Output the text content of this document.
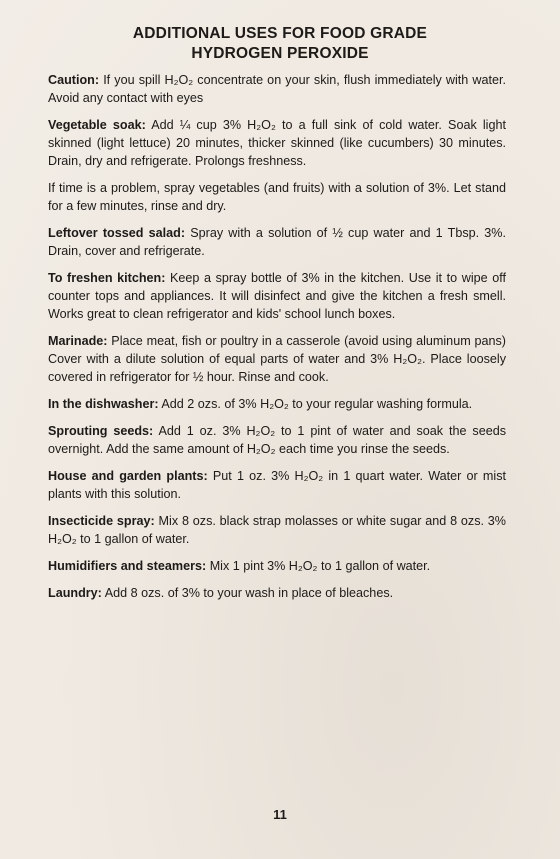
ADDITIONAL USES FOR FOOD GRADE
HYDROGEN PEROXIDE

Caution: If you spill H₂O₂ concentrate on your skin, flush immediately with water. Avoid any contact with eyes

Vegetable soak: Add ¼ cup 3% H₂O₂ to a full sink of cold water. Soak light skinned (light lettuce) 20 minutes, thicker skinned (like cucumbers) 30 minutes. Drain, dry and refrigerate. Prolongs freshness.

If time is a problem, spray vegetables (and fruits) with a solution of 3%. Let stand for a few minutes, rinse and dry.

Leftover tossed salad: Spray with a solution of ½ cup water and 1 Tbsp. 3%. Drain, cover and refrigerate.

To freshen kitchen: Keep a spray bottle of 3% in the kitchen. Use it to wipe off counter tops and appliances. It will disinfect and give the kitchen a fresh smell. Works great to clean refrigerator and kids' school lunch boxes.

Marinade: Place meat, fish or poultry in a casserole (avoid using aluminum pans) Cover with a dilute solution of equal parts of water and 3% H₂O₂. Place loosely covered in refrigerator for ½ hour. Rinse and cook.

In the dishwasher: Add 2 ozs. of 3% H₂O₂ to your regular washing formula.

Sprouting seeds: Add 1 oz. 3% H₂O₂ to 1 pint of water and soak the seeds overnight. Add the same amount of H₂O₂ each time you rinse the seeds.

House and garden plants: Put 1 oz. 3% H₂O₂ in 1 quart water. Water or mist plants with this solution.

Insecticide spray: Mix 8 ozs. black strap molasses or white sugar and 8 ozs. 3% H₂O₂ to 1 gallon of water.

Humidifiers and steamers: Mix 1 pint 3% H₂O₂ to 1 gallon of water.

Laundry: Add 8 ozs. of 3% to your wash in place of bleaches.

11
